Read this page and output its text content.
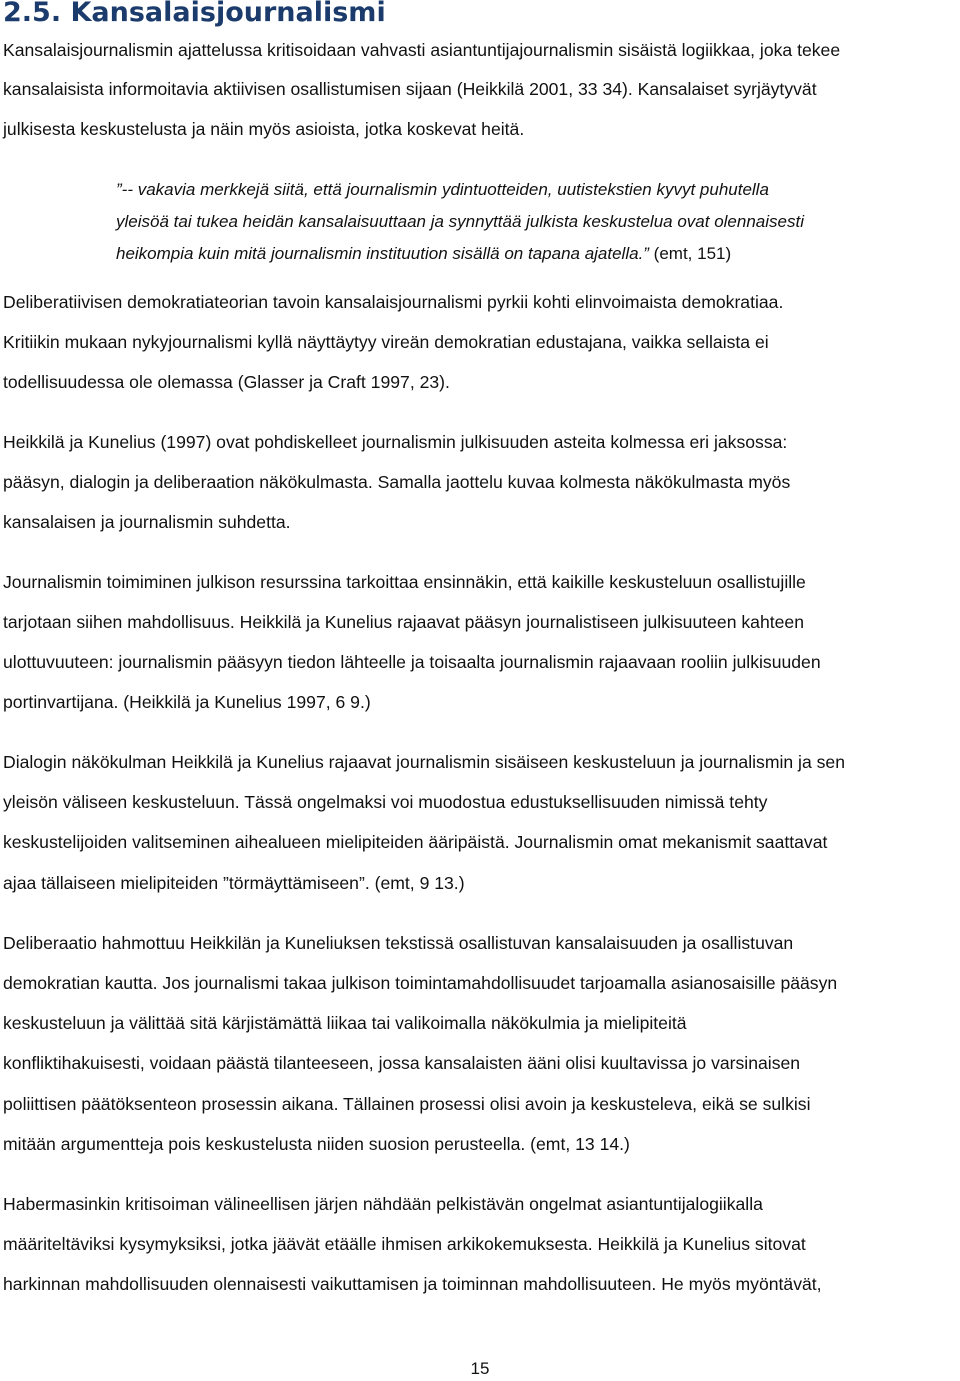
2.5. Kansalaisjournalismi
Kansalaisjournalismin ajattelussa kritisoidaan vahvasti asiantuntijajournalismin sisäistä logiikkaa, joka tekee
kansalaisista informoitavia aktiivisen osallistumisen sijaan (Heikkilä 2001, 33 34). Kansalaiset syrjäytyvät
julkisesta keskustelusta ja näin myös asioista, jotka koskevat heitä.
”-- vakavia merkkejä siitä, että journalismin ydintuotteiden, uutistekstien kyvyt puhutella
yleisöä tai tukea heidän kansalaisuuttaan ja synnyttää julkista keskustelua ovat olennaisesti
heikompia kuin mitä journalismin instituution sisällä on tapana ajatella.” (emt, 151)
Deliberatiivisen demokratiateorian tavoin kansalaisjournalismi pyrkii kohti elinvoimaista demokratiaa.
Kritiikin mukaan nykyjournalismi kyllä näyttäytyy vireän demokratian edustajana, vaikka sellaista ei
todellisuudessa ole olemassa (Glasser ja Craft 1997, 23).
Heikkilä ja Kunelius (1997) ovat pohdiskelleet journalismin julkisuuden asteita kolmessa eri jaksossa:
pääsyn, dialogin ja deliberaation näkökulmasta. Samalla jaottelu kuvaa kolmesta näkökulmasta myös
kansalaisen ja journalismin suhdetta.
Journalismin toimiminen julkison resurssina tarkoittaa ensinnäkin, että kaikille keskusteluun osallistujille
tarjotaan siihen mahdollisuus. Heikkilä ja Kunelius rajaavat pääsyn journalistiseen julkisuuteen kahteen
ulottuvuuteen: journalismin pääsyyn tiedon lähteelle ja toisaalta journalismin rajaavaan rooliin julkisuuden
portinvartijana. (Heikkilä ja Kunelius 1997, 6 9.)
Dialogin näkökulman Heikkilä ja Kunelius rajaavat journalismin sisäiseen keskusteluun ja journalismin ja sen
yleisön väliseen keskusteluun. Tässä ongelmaksi voi muodostua edustuksellisuuden nimissä tehty
keskustelijoiden valitseminen aihealueen mielipiteiden ääripäistä. Journalismin omat mekanismit saattavat
ajaa tällaiseen mielipiteiden ”törmäyttämiseen”. (emt, 9 13.)
Deliberaatio hahmottuu Heikkilän ja Kuneliuksen tekstissä osallistuvan kansalaisuuden ja osallistuvan
demokratian kautta. Jos journalismi takaa julkison toimintamahdollisuudet tarjoamalla asianosaisille pääsyn
keskusteluun ja välittää sitä kärjistämättä liikaa tai valikoimalla näkökulmia ja mielipiteitä
konfliktihakuisesti, voidaan päästä tilanteeseen, jossa kansalaisten ääni olisi kuultavissa jo varsinaisen
poliittisen päätöksenteon prosessin aikana. Tällainen prosessi olisi avoin ja keskusteleva, eikä se sulkisi
mitään argumentteja pois keskustelusta niiden suosion perusteella. (emt, 13 14.)
Habermasinkin kritisoiman välineellisen järjen nähdään pelkistävän ongelmat asiantuntijalogiikalla
määriteltäviksi kysymyksiksi, jotka jäävät etäälle ihmisen arkikokemuksesta. Heikkilä ja Kunelius sitovat
harkinnan mahdollisuuden olennaisesti vaikuttamisen ja toiminnan mahdollisuuteen. He myös myöntävät,
15
